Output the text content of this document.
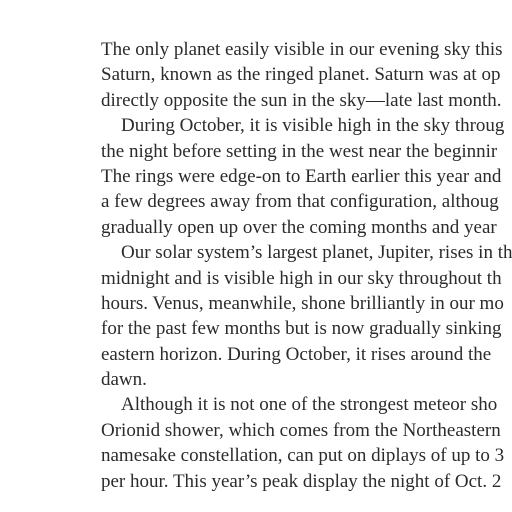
The only planet easily visible in our evening sky this
Saturn, known as the ringed planet. Saturn was at op
directly opposite the sun in the sky—late last month.
During October, it is visible high in the sky throug
the night before setting in the west near the beginnir
The rings were edge-on to Earth earlier this year and
a few degrees away from that configuration, althoug
gradually open up over the coming months and year
Our solar system’s largest planet, Jupiter, rises in th
midnight and is visible high in our sky throughout th
hours. Venus, meanwhile, shone brilliantly in our mo
for the past few months but is now gradually sinking
eastern horizon. During October, it rises around the
dawn.
Although it is not one of the strongest meteor sho
Orionid shower, which comes from the Northeastern
namesake constellation, can put on diplays of up to 3
per hour. This year’s peak display the night of Oct. 2
